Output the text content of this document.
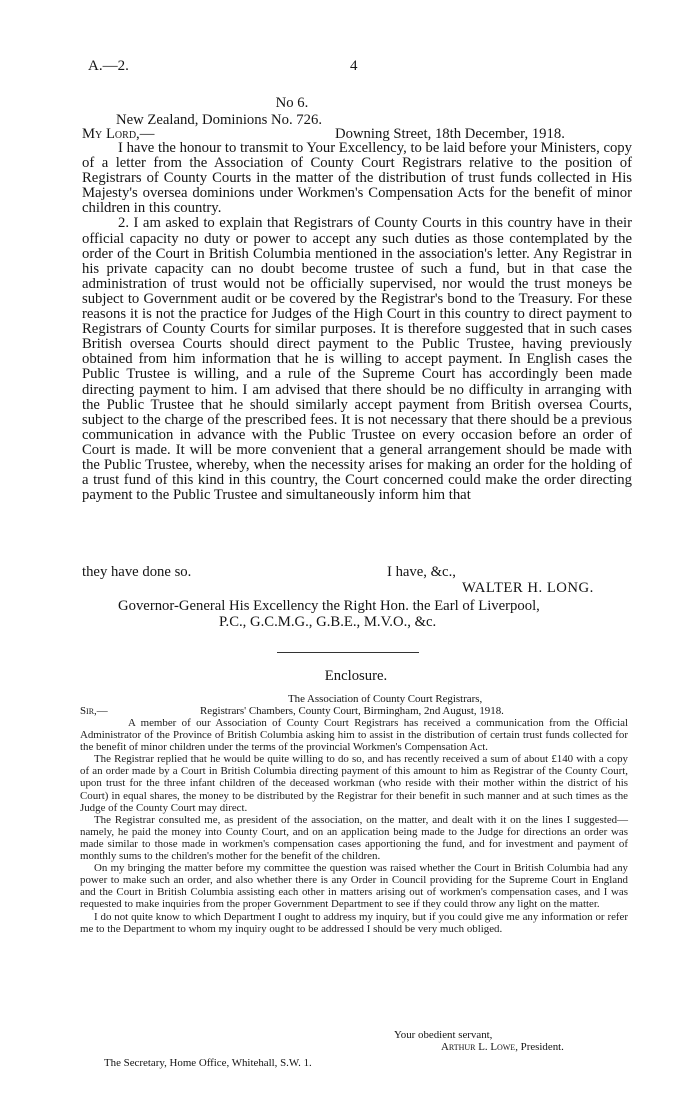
A.—2.	4
No 6.
New Zealand, Dominions No. 726.
My Lord,—	Downing Street, 18th December, 1918.

I have the honour to transmit to Your Excellency, to be laid before your Ministers, copy of a letter from the Association of County Court Registrars relative to the position of Registrars of County Courts in the matter of the distribution of trust funds collected in His Majesty's oversea dominions under Workmen's Compensation Acts for the benefit of minor children in this country.

2. I am asked to explain that Registrars of County Courts in this country have in their official capacity no duty or power to accept any such duties as those contemplated by the order of the Court in British Columbia mentioned in the association's letter. Any Registrar in his private capacity can no doubt become trustee of such a fund, but in that case the administration of trust would not be officially supervised, nor would the trust moneys be subject to Government audit or be covered by the Registrar's bond to the Treasury. For these reasons it is not the practice for Judges of the High Court in this country to direct payment to Registrars of County Courts for similar purposes. It is therefore suggested that in such cases British oversea Courts should direct payment to the Public Trustee, having previously obtained from him information that he is willing to accept payment. In English cases the Public Trustee is willing, and a rule of the Supreme Court has accordingly been made directing payment to him. I am advised that there should be no difficulty in arranging with the Public Trustee that he should similarly accept payment from British oversea Courts, subject to the charge of the prescribed fees. It is not necessary that there should be a previous communication in advance with the Public Trustee on every occasion before an order of Court is made. It will be more convenient that a general arrangement should be made with the Public Trustee, whereby, when the necessity arises for making an order for the holding of a trust fund of this kind in this country, the Court concerned could make the order directing payment to the Public Trustee and simultaneously inform him that

they have done so.	I have, &c.,
WALTER H. LONG.
Governor-General His Excellency the Right Hon. the Earl of Liverpool,
P.C., G.C.M.G., G.B.E., M.V.O., &c.
Enclosure.
The Association of County Court Registrars,
Sir,—	Registrars' Chambers, County Court, Birmingham, 2nd August, 1918.

A member of our Association of County Court Registrars has received a communication from the Official Administrator of the Province of British Columbia asking him to assist in the distribution of certain trust funds collected for the benefit of minor children under the terms of the provincial Workmen's Compensation Act.

The Registrar replied that he would be quite willing to do so, and has recently received a sum of about £140 with a copy of an order made by a Court in British Columbia directing payment of this amount to him as Registrar of the County Court, upon trust for the three infant children of the deceased workman (who reside with their mother within the district of his Court) in equal shares, the money to be distributed by the Registrar for their benefit in such manner and at such times as the Judge of the County Court may direct.

The Registrar consulted me, as president of the association, on the matter, and dealt with it on the lines I suggested—namely, he paid the money into County Court, and on an application being made to the Judge for directions an order was made similar to those made in workmen's compensation cases apportioning the fund, and for investment and payment of monthly sums to the children's mother for the benefit of the children.

On my bringing the matter before my committee the question was raised whether the Court in British Columbia had any power to make such an order, and also whether there is any Order in Council providing for the Supreme Court in England and the Court in British Columbia assisting each other in matters arising out of workmen's compensation cases, and I was requested to make inquiries from the proper Government Department to see if they could throw any light on the matter.

I do not quite know to which Department I ought to address my inquiry, but if you could give me any information or refer me to the Department to whom my inquiry ought to be addressed I should be very much obliged.

Your obedient servant,
Arthur L. Lowe, President.
The Secretary, Home Office, Whitehall, S.W. 1.
